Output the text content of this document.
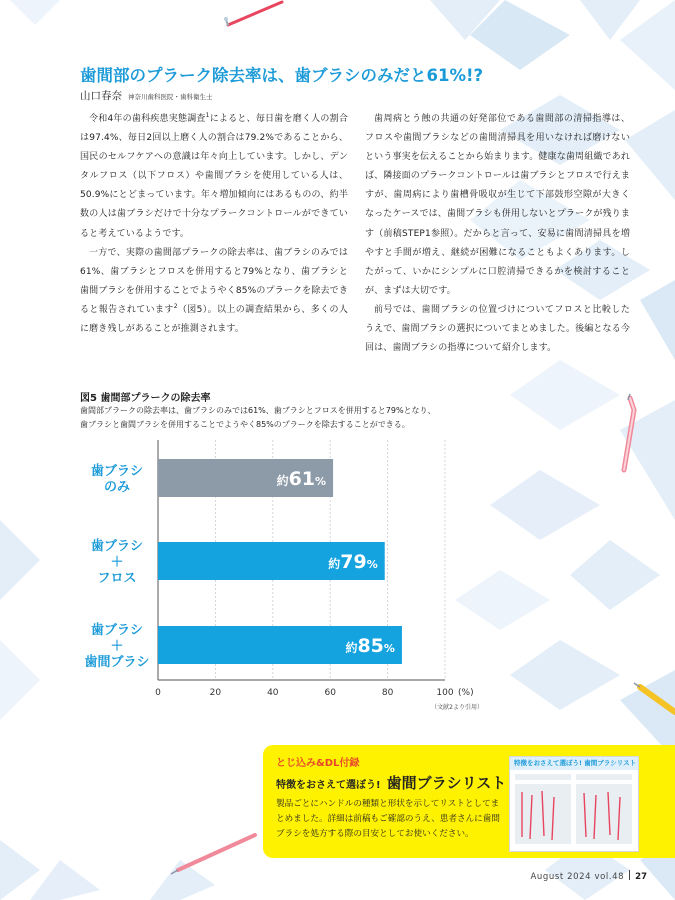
歯間部のプラーク除去率は、歯ブラシのみだと61%!?
山口春奈 神奈川歯科医院・歯科衛生士

令和4年の歯科疾患実態調査$^1$によると、毎日歯を磨く人の割合は97.4%、毎日2回以上磨く人の割合は79.2%であることから、国民のセルフケアへの意識は年々向上しています。しかし、デンタルフロス（以下フロス）や歯間ブラシを使用している人は、50.9%にとどまっています。年々増加傾向にはあるものの、約半数の人は歯ブラシだけで十分なプラークコントロールができていると考えているようです。

一方で、実際の歯間部プラークの除去率は、歯ブラシのみでは61%、歯ブラシとフロスを併用すると79%となり、歯ブラシと歯間ブラシを併用することでようやく85%のプラークを除去できると報告されています$^2$（図5）。以上の調査結果から、多くの人に磨き残しがあることが推測されます。

歯周病とう蝕の共通の好発部位である歯間部の清掃指導は、フロスや歯間ブラシなどの歯間清掃具を用いなければ磨けないという事実を伝えることから始まります。健康な歯周組織であれば、隣接面のプラークコントロールは歯ブラシとフロスで行えますが、歯周病により歯槽骨吸収が生じて下部鼓形空隙が大きくなったケースでは、歯間ブラシも併用しないとプラークが残ります（前稿STEP1参照）。だからと言って、安易に歯間清掃具を増やすと手間が増え、継続が困難になることもよくあります。したがって、いかにシンプルに口腔清掃できるかを検討することが、まずは大切です。

前号では、歯間ブラシの位置づけについてフロスと比較したうえで、歯間ブラシの選択についてまとめました。後編となる今回は、歯間ブラシの指導について紹介します。

図5 歯間部プラークの除去率

歯間部プラークの除去率は、歯ブラシのみでは61%、歯ブラシとフロスを併用すると79%となり、
歯ブラシと歯間ブラシを併用することでようやく85%のプラークを除去することができる。

0	20	40	60	80	100 (%)
（文献2より引用）
歯ブラシ
のみ	約61%
歯ブラシ
＋
フロス
約79%
歯ブラシ
＋
歯間ブラシ
約85%
とじ込み&DL付録
特徴をおさえて選ぼう! 歯間ブラシリスト

製品ごとにハンドルの種類と形状を示してリストとしてま
とめました。詳細は前稿もご確認のうえ、患者さんに歯間
ブラシを処方する際の目安としてお使いください。

特徴をおさえて選ぼう! 歯間ブラシリスト
August 2024 vol.48 27
